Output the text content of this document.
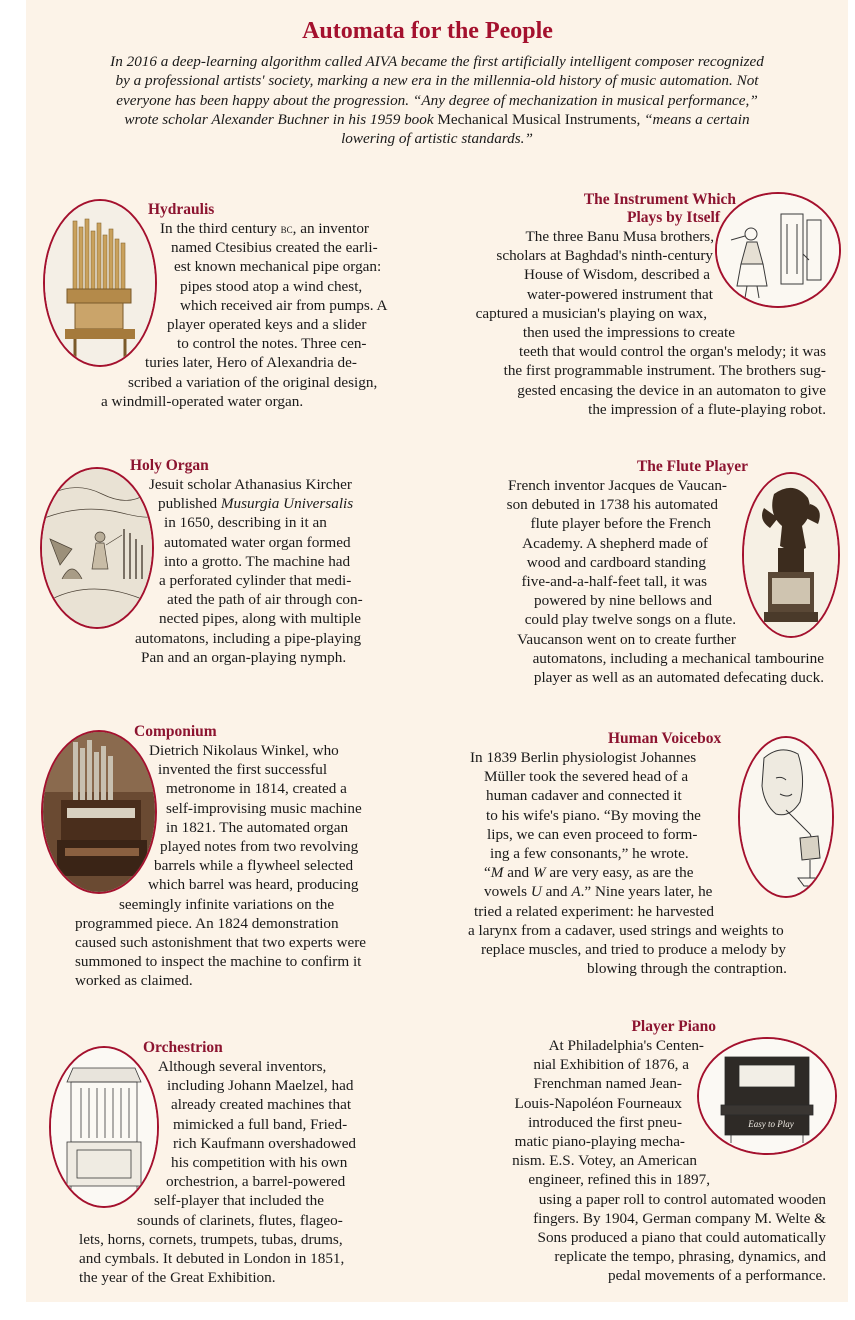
Automata for the People
In 2016 a deep-learning algorithm called AIVA became the first artificially intelligent composer recognized
by a professional artists' society, marking a new era in the millennia-old history of music automation. Not
everyone has been happy about the progression. “Any degree of mechanization in musical performance,”
wrote scholar Alexander Buchner in his 1959 book Mechanical Musical Instruments, “means a certain
lowering of artistic standards.”
Hydraulis
In the third century bc, an inventor
named Ctesibius created the earli-
est known mechanical pipe organ:
pipes stood atop a wind chest,
which received air from pumps. A
player operated keys and a slider
to control the notes. Three cen-
turies later, Hero of Alexandria de-
scribed a variation of the original design,
a windmill-operated water organ.
The Instrument Which
Plays by Itself
The three Banu Musa brothers,
scholars at Baghdad's ninth-century
House of Wisdom, described a
water-powered instrument that
captured a musician's playing on wax,
then used the impressions to create
teeth that would control the organ's melody; it was
the first programmable instrument. The brothers sug-
gested encasing the device in an automaton to give
the impression of a flute-playing robot.
Holy Organ
Jesuit scholar Athanasius Kircher
published Musurgia Universalis
in 1650, describing in it an
automated water organ formed
into a grotto. The machine had
a perforated cylinder that medi-
ated the path of air through con-
nected pipes, along with multiple
automatons, including a pipe-playing
Pan and an organ-playing nymph.
The Flute Player
French inventor Jacques de Vaucan-
son debuted in 1738 his automated
flute player before the French
Academy. A shepherd made of
wood and cardboard standing
five-and-a-half-feet tall, it was
powered by nine bellows and
could play twelve songs on a flute.
Vaucanson went on to create further
automatons, including a mechanical tambourine
player as well as an automated defecating duck.
Componium
Dietrich Nikolaus Winkel, who
invented the first successful
metronome in 1814, created a
self-improvising music machine
in 1821. The automated organ
played notes from two revolving
barrels while a flywheel selected
which barrel was heard, producing
seemingly infinite variations on the
programmed piece. An 1824 demonstration
caused such astonishment that two experts were
summoned to inspect the machine to confirm it
worked as claimed.
Human Voicebox
In 1839 Berlin physiologist Johannes
Müller took the severed head of a
human cadaver and connected it
to his wife's piano. “By moving the
lips, we can even proceed to form-
ing a few consonants,” he wrote.
“M and W are very easy, as are the
vowels U and A.” Nine years later, he
tried a related experiment: he harvested
a larynx from a cadaver, used strings and weights to
replace muscles, and tried to produce a melody by
blowing through the contraption.
Orchestrion
Although several inventors,
including Johann Maelzel, had
already created machines that
mimicked a full band, Fried-
rich Kaufmann overshadowed
his competition with his own
orchestrion, a barrel-powered
self-player that included the
sounds of clarinets, flutes, flageo-
lets, horns, cornets, trumpets, tubas, drums,
and cymbals. It debuted in London in 1851,
the year of the Great Exhibition.
Easy to Play
Player Piano
At Philadelphia's Centen-
nial Exhibition of 1876, a
Frenchman named Jean-
Louis-Napoléon Fourneaux
introduced the first pneu-
matic piano-playing mecha-
nism. E.S. Votey, an American
engineer, refined this in 1897,
using a paper roll to control automated wooden
fingers. By 1904, German company M. Welte &
Sons produced a piano that could automatically
replicate the tempo, phrasing, dynamics, and
pedal movements of a performance.
